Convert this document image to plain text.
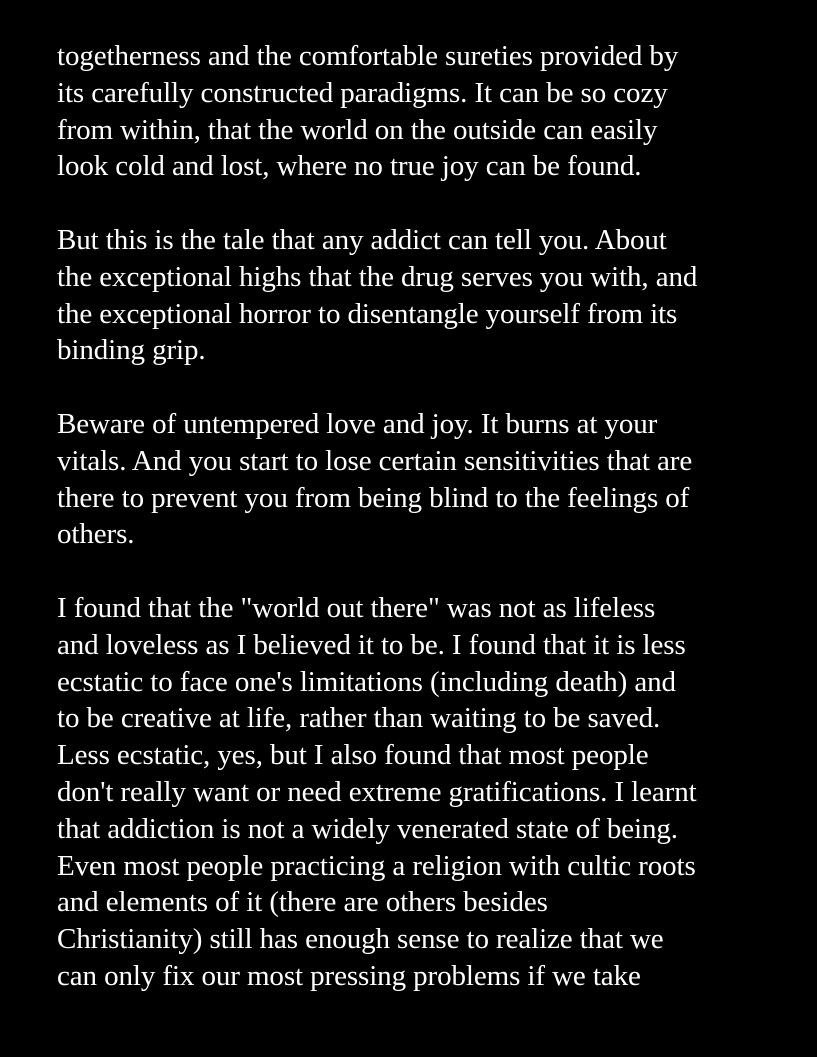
togetherness and the comfortable sureties provided by
its carefully constructed paradigms. It can be so cozy
from within, that the world on the outside can easily
look cold and lost, where no true joy can be found.
But this is the tale that any addict can tell you. About
the exceptional highs that the drug serves you with, and
the exceptional horror to disentangle yourself from its
binding grip.
Beware of untempered love and joy. It burns at your
vitals. And you start to lose certain sensitivities that are
there to prevent you from being blind to the feelings of
others.
I found that the "world out there" was not as lifeless
and loveless as I believed it to be. I found that it is less
ecstatic to face one's limitations (including death) and
to be creative at life, rather than waiting to be saved.
Less ecstatic, yes, but I also found that most people
don't really want or need extreme gratifications. I learnt
that addiction is not a widely venerated state of being.
Even most people practicing a religion with cultic roots
and elements of it (there are others besides
Christianity) still has enough sense to realize that we
can only fix our most pressing problems if we take
